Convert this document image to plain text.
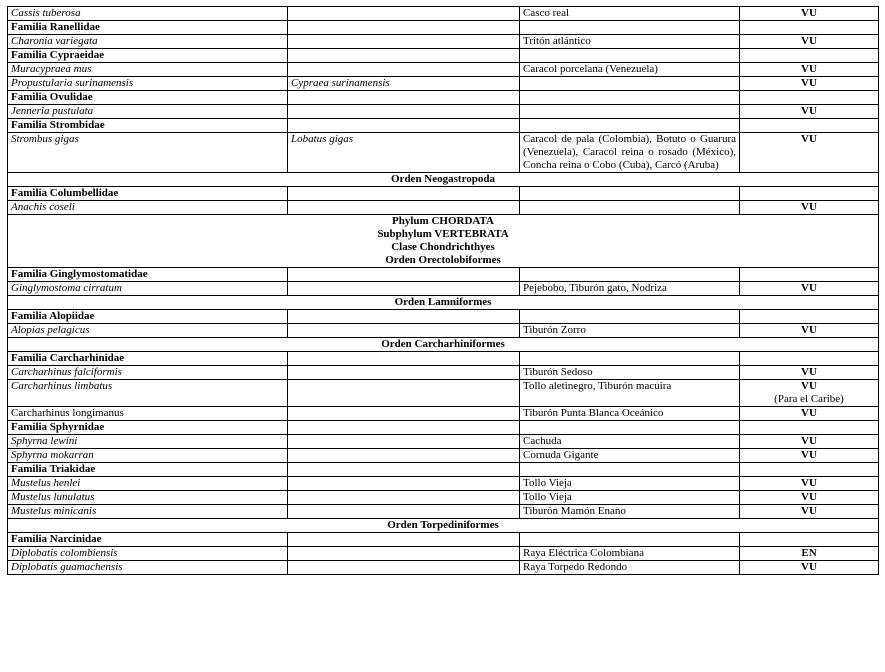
Cassis tuberosa		Casco real	VU

Familia Ranellidae			
Charonia variegata		Tritón atlántico	VU

Familia Cypraeidae			
Muracypraea mus		Caracol porcelana (Venezuela)	VU

Propustularia surinamensis	Cypraea surinamensis		VU

Familia Ovulidae			
Jenneria pustulata			VU

Familia Strombidae			
Strombus gigas	Lobatus gigas	Caracol de pala (Colombia), Botuto o Guarura (Venezuela), Caracol reina o rosado (México), Concha reina o Cobo (Cuba), Carcó (Aruba)	VU

Orden Neogastropoda			
Familia Columbellidae			
Anachis coseli			VU

Phylum CHORDATA
Subphylum VERTEBRATA
Clase Chondrichthyes
Orden Orectolobiformes			

Familia Ginglymostomatidae			
Ginglymostoma cirratum		Pejebobo, Tiburón gato, Nodriza	VU

Orden Lamniformes			
Familia Alopiidae			
Alopias pelagicus		Tiburón Zorro	VU

Orden Carcharhiniformes			
Familia Carcharhinidae			
Carcharhinus falciformis		Tiburón Sedoso	VU

Carcharhinus limbatus		Tollo aletinegro, Tiburón macuira	VU
(Para el Caribe)

Carcharhinus longimanus		Tiburón Punta Blanca Oceánico	VU

Familia Sphyrnidae			
Sphyrna lewini		Cachuda	VU

Sphyrna mokarran		Cornuda Gigante	VU

Familia Triakidae			
Mustelus henlei		Tollo Vieja	VU

Mustelus lunulatus		Tollo Vieja	VU

Mustelus minicanis		Tiburón Mamón Enano	VU

Orden Torpediniformes			
Familia Narcinidae			
Diplobatis colombiensis		Raya Eléctrica Colombiana	EN

Diplobatis guamachensis		Raya Torpedo Redondo	VU
